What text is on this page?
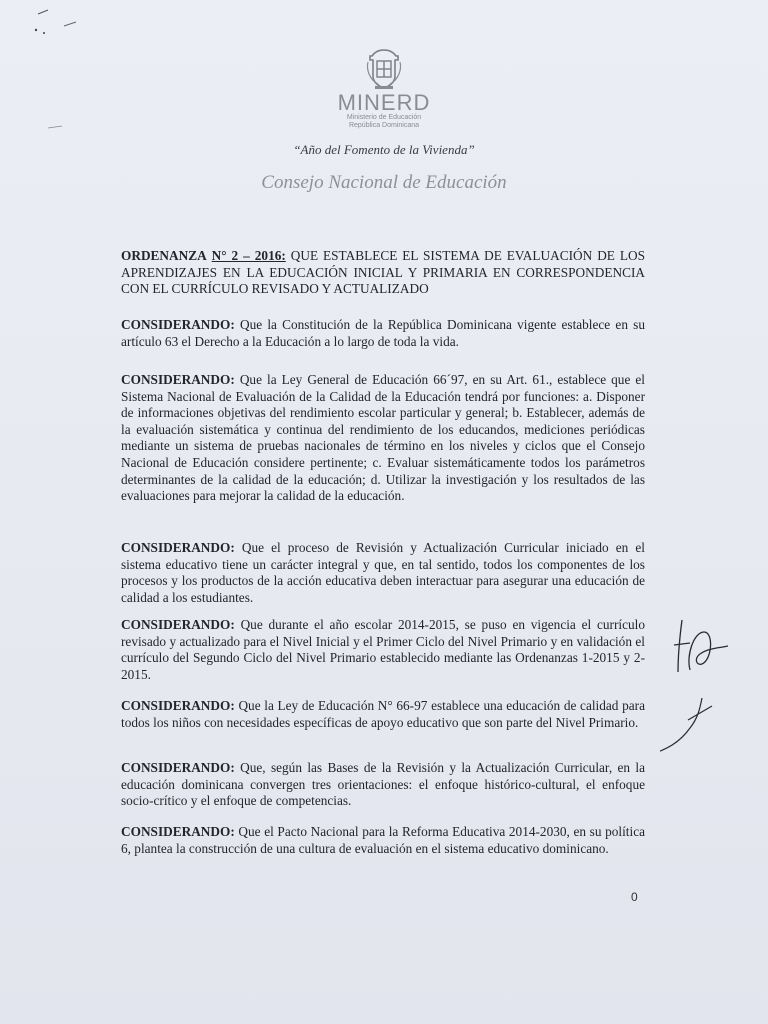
MINERD
Ministerio de Educación
República Dominicana
“Año del Fomento de la Vivienda”
Consejo Nacional de Educación

ORDENANZA N° 2 – 2016: QUE ESTABLECE EL SISTEMA DE EVALUACIÓN DE LOS APRENDIZAJES EN LA EDUCACIÓN INICIAL Y PRIMARIA EN CORRESPONDENCIA CON EL CURRÍCULO REVISADO Y ACTUALIZADO

CONSIDERANDO: Que la Constitución de la República Dominicana vigente establece en su artículo 63 el Derecho a la Educación a lo largo de toda la vida.

CONSIDERANDO: Que la Ley General de Educación 66´97, en su Art. 61., establece que el Sistema Nacional de Evaluación de la Calidad de la Educación tendrá por funciones: a. Disponer de informaciones objetivas del rendimiento escolar particular y general; b. Establecer, además de la evaluación sistemática y continua del rendimiento de los educandos, mediciones periódicas mediante un sistema de pruebas nacionales de término en los niveles y ciclos que el Consejo Nacional de Educación considere pertinente; c. Evaluar sistemáticamente todos los parámetros determinantes de la calidad de la educación; d. Utilizar la investigación y los resultados de las evaluaciones para mejorar la calidad de la educación.

CONSIDERANDO: Que el proceso de Revisión y Actualización Curricular iniciado en el sistema educativo tiene un carácter integral y que, en tal sentido, todos los componentes de los procesos y los productos de la acción educativa deben interactuar para asegurar una educación de calidad a los estudiantes.

CONSIDERANDO: Que durante el año escolar 2014-2015, se puso en vigencia el currículo revisado y actualizado para el Nivel Inicial y el Primer Ciclo del Nivel Primario y en validación el currículo del Segundo Ciclo del Nivel Primario establecido mediante las Ordenanzas 1-2015 y 2-2015.

CONSIDERANDO: Que la Ley de Educación N° 66-97 establece una educación de calidad para todos los niños con necesidades específicas de apoyo educativo que son parte del Nivel Primario.

CONSIDERANDO: Que, según las Bases de la Revisión y la Actualización Curricular, en la educación dominicana convergen tres orientaciones: el enfoque histórico-cultural, el enfoque socio-crítico y el enfoque de competencias.

CONSIDERANDO: Que el Pacto Nacional para la Reforma Educativa 2014-2030, en su política 6, plantea la construcción de una cultura de evaluación en el sistema educativo dominicano.

0
